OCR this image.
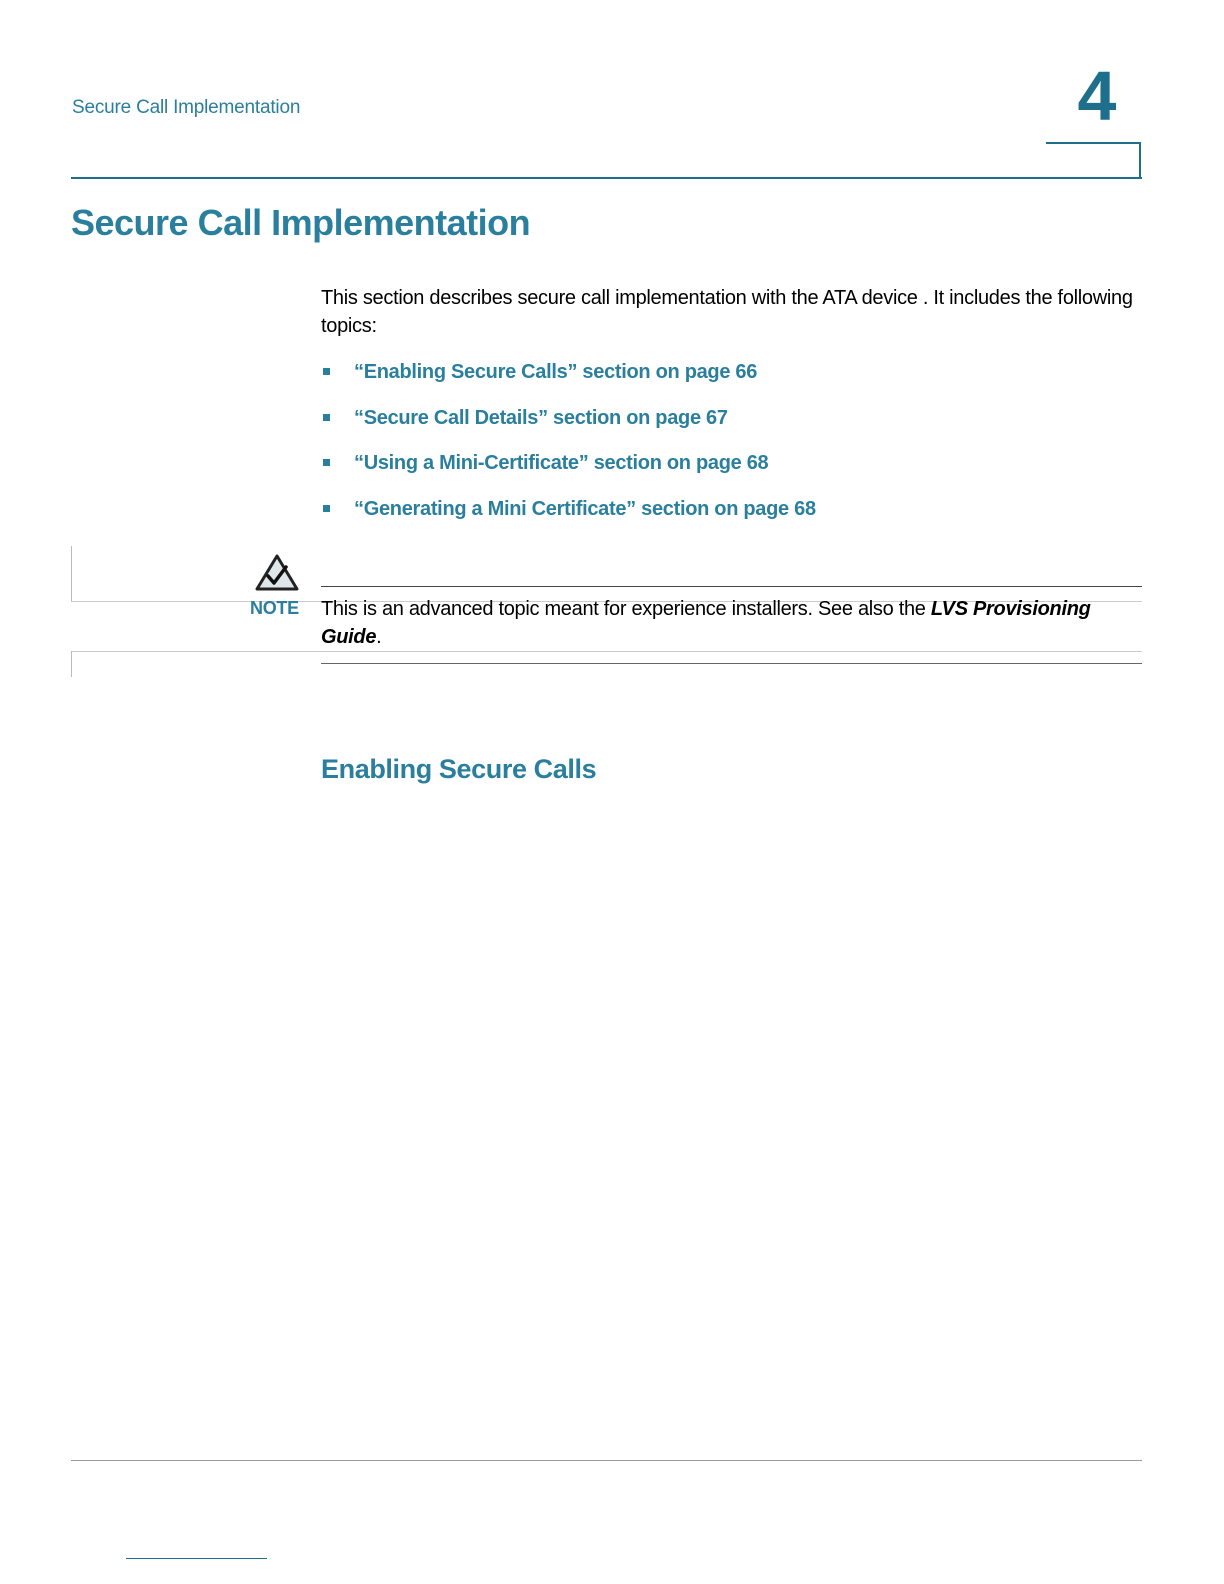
Secure Call Implementation	4
Secure Call Implementation

This section describes secure call implementation with the ATA device . It includes the following topics:

“Enabling Secure Calls” section on page 66
“Secure Call Details” section on page 67
“Using a Mini-Certificate” section on page 68
“Generating a Mini Certificate” section on page 68
NOTE This is an advanced topic meant for experience installers. See also the LVS Provisioning Guide.

Enabling Secure Calls
